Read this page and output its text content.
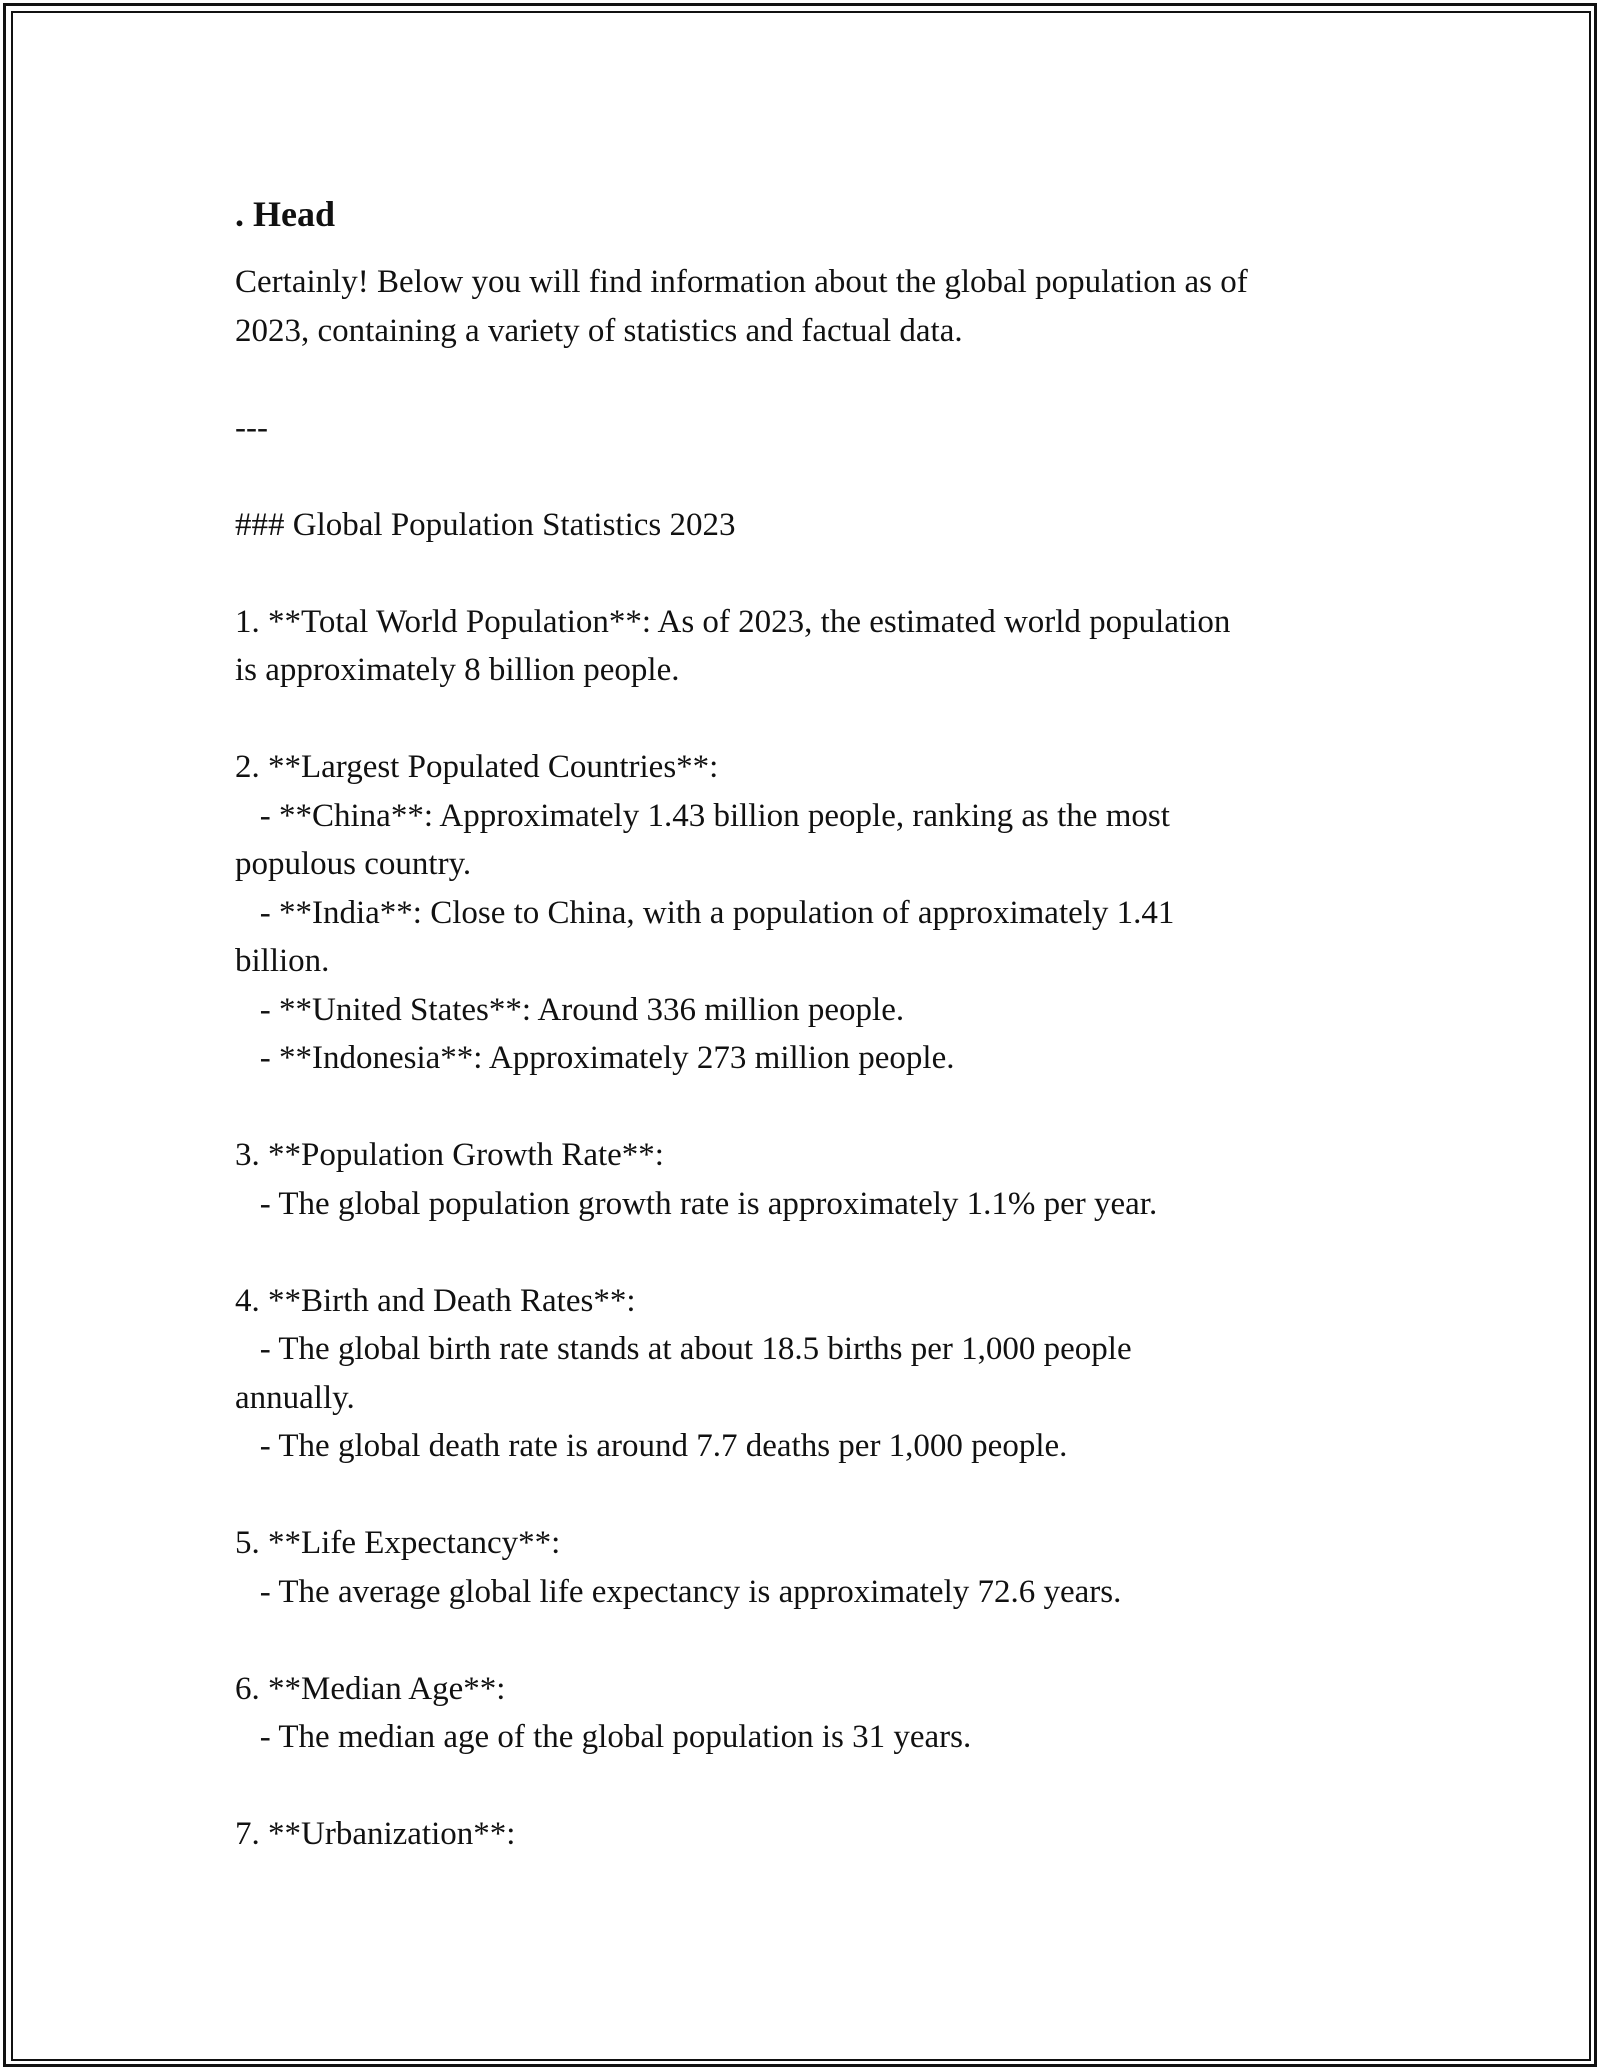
. Head

Certainly! Below you will find information about the global population as of

2023, containing a variety of statistics and factual data.

---

### Global Population Statistics 2023

1. **Total World Population**: As of 2023, the estimated world population

is approximately 8 billion people.

2. **Largest Populated Countries**:

- **China**: Approximately 1.43 billion people, ranking as the most

populous country.

- **India**: Close to China, with a population of approximately 1.41

billion.

- **United States**: Around 336 million people.

- **Indonesia**: Approximately 273 million people.

3. **Population Growth Rate**:

- The global population growth rate is approximately 1.1% per year.

4. **Birth and Death Rates**:

- The global birth rate stands at about 18.5 births per 1,000 people

annually.

- The global death rate is around 7.7 deaths per 1,000 people.

5. **Life Expectancy**:

- The average global life expectancy is approximately 72.6 years.

6. **Median Age**:

- The median age of the global population is 31 years.

7. **Urbanization**:
